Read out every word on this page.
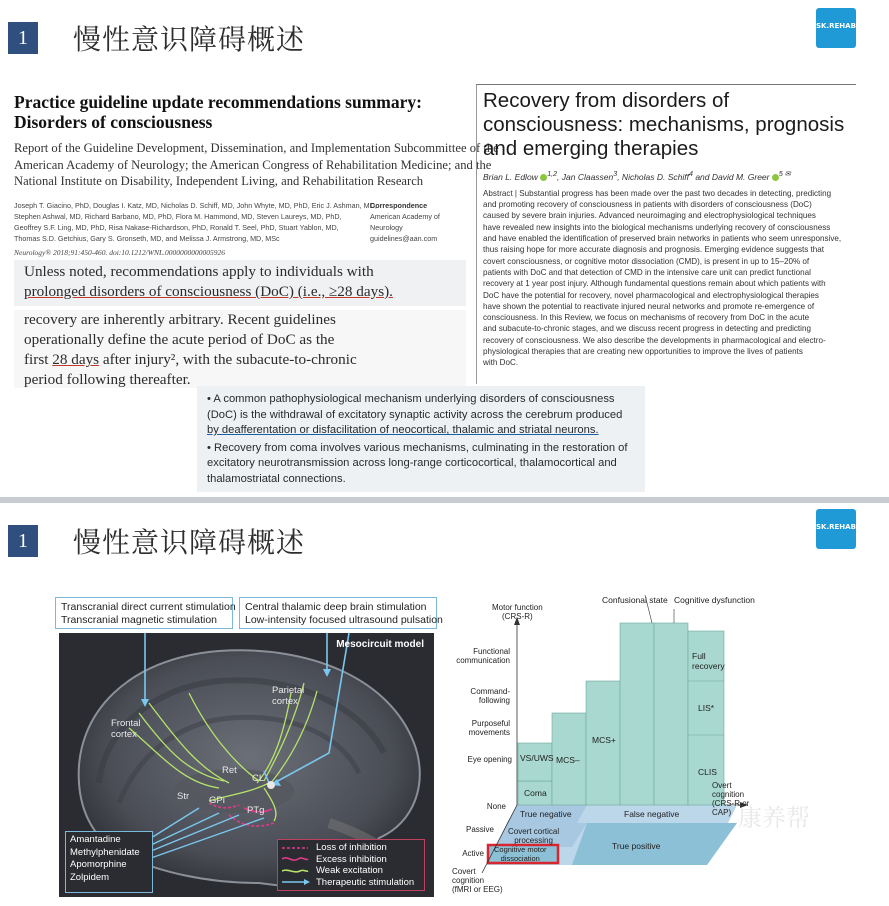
1	慢性意识障碍概述	SK.REHAB.
Practice guideline update recommendations summary:
Disorders of consciousness
Report of the Guideline Development, Dissemination, and Implementation Subcommittee of the
American Academy of Neurology; the American Congress of Rehabilitation Medicine; and the
National Institute on Disability, Independent Living, and Rehabilitation Research
Joseph T. Giacino, PhD, Douglas I. Katz, MD, Nicholas D. Schiff, MD, John Whyte, MD, PhD, Eric J. Ashman, MD,
Stephen Ashwal, MD, Richard Barbano, MD, PhD, Flora M. Hammond, MD, Steven Laureys, MD, PhD,
Geoffrey S.F. Ling, MD, PhD, Risa Nakase-Richardson, PhD, Ronald T. Seel, PhD, Stuart Yablon, MD,
Thomas S.D. Getchius, Gary S. Gronseth, MD, and Melissa J. Armstrong, MD, MSc
Correspondence
American Academy of
Neurology
guidelines@aan.com
Neurology® 2018;91:450-460. doi:10.1212/WNL.0000000000005926
Unless noted, recommendations apply to individuals with
prolonged disorders of consciousness (DoC) (i.e., ≥28 days).
recovery are inherently arbitrary. Recent guidelines
operationally define the acute period of DoC as the
first 28 days after injury², with the subacute-to-chronic
period following thereafter.
Recovery from disorders of
consciousness: mechanisms, prognosis
and emerging therapies
Brian L. Edlow $^{1,2}$, Jan Claassen$^3$, Nicholas D. Schiff$^4$ and David M. Greer $^{5 ✉}$
Abstract | Substantial progress has been made over the past two decades in detecting, predicting
and promoting recovery of consciousness in patients with disorders of consciousness (DoC)
caused by severe brain injuries. Advanced neuroimaging and electrophysiological techniques
have revealed new insights into the biological mechanisms underlying recovery of consciousness
and have enabled the identification of preserved brain networks in patients who seem unresponsive,
thus raising hope for more accurate diagnosis and prognosis. Emerging evidence suggests that
covert consciousness, or cognitive motor dissociation (CMD), is present in up to 15–20% of
patients with DoC and that detection of CMD in the intensive care unit can predict functional
recovery at 1 year post injury. Although fundamental questions remain about which patients with
DoC have the potential for recovery, novel pharmacological and electrophysiological therapies
have shown the potential to reactivate injured neural networks and promote re-emergence of
consciousness. In this Review, we focus on mechanisms of recovery from DoC in the acute
and subacute-to-chronic stages, and we discuss recent progress in detecting and predicting
recovery of consciousness. We also describe the developments in pharmacological and electro-
physiological therapies that are creating new opportunities to improve the lives of patients
with DoC.

• A common pathophysiological mechanism underlying disorders of consciousness
(DoC) is the withdrawal of excitatory synaptic activity across the cerebrum produced
by deafferentation or disfacilitation of neocortical, thalamic and striatal neurons.

• Recovery from coma involves various mechanisms, culminating in the restoration of
excitatory neurotransmission across long-range corticocortical, thalamocortical and
thalamostriatal connections.

1	慢性意识障碍概述	SK.REHAB.
Transcranial direct current stimulation
Transcranial magnetic stimulation
Central thalamic deep brain stimulation
Low-intensity focused ultrasound pulsation
Mesocircuit model
Parietal
cortex
Frontal
cortex
Ret
CL
Str GPi
PTg
Amantadine
Methylphenidate
Apomorphine
Zolpidem
Loss of inhibition
Excess inhibition
Weak excitation
Therapeutic stimulation
Motor function
(CRS-R)
Confusional state Cognitive dysfunction
Functional
communication
Command-
following
Purposeful
movements
Eye opening
None
Passive
Active
VS/UWS
Coma
MCS–
MCS+
Full
recovery
LIS*
CLIS
Overt
cognition
(CRS-R or
CAP)
Covert
cognition
(fMRI or EEG)
True negative	False negative
Covert cortical
processing
True positive
Cognitive motor
dissociation
康养帮
